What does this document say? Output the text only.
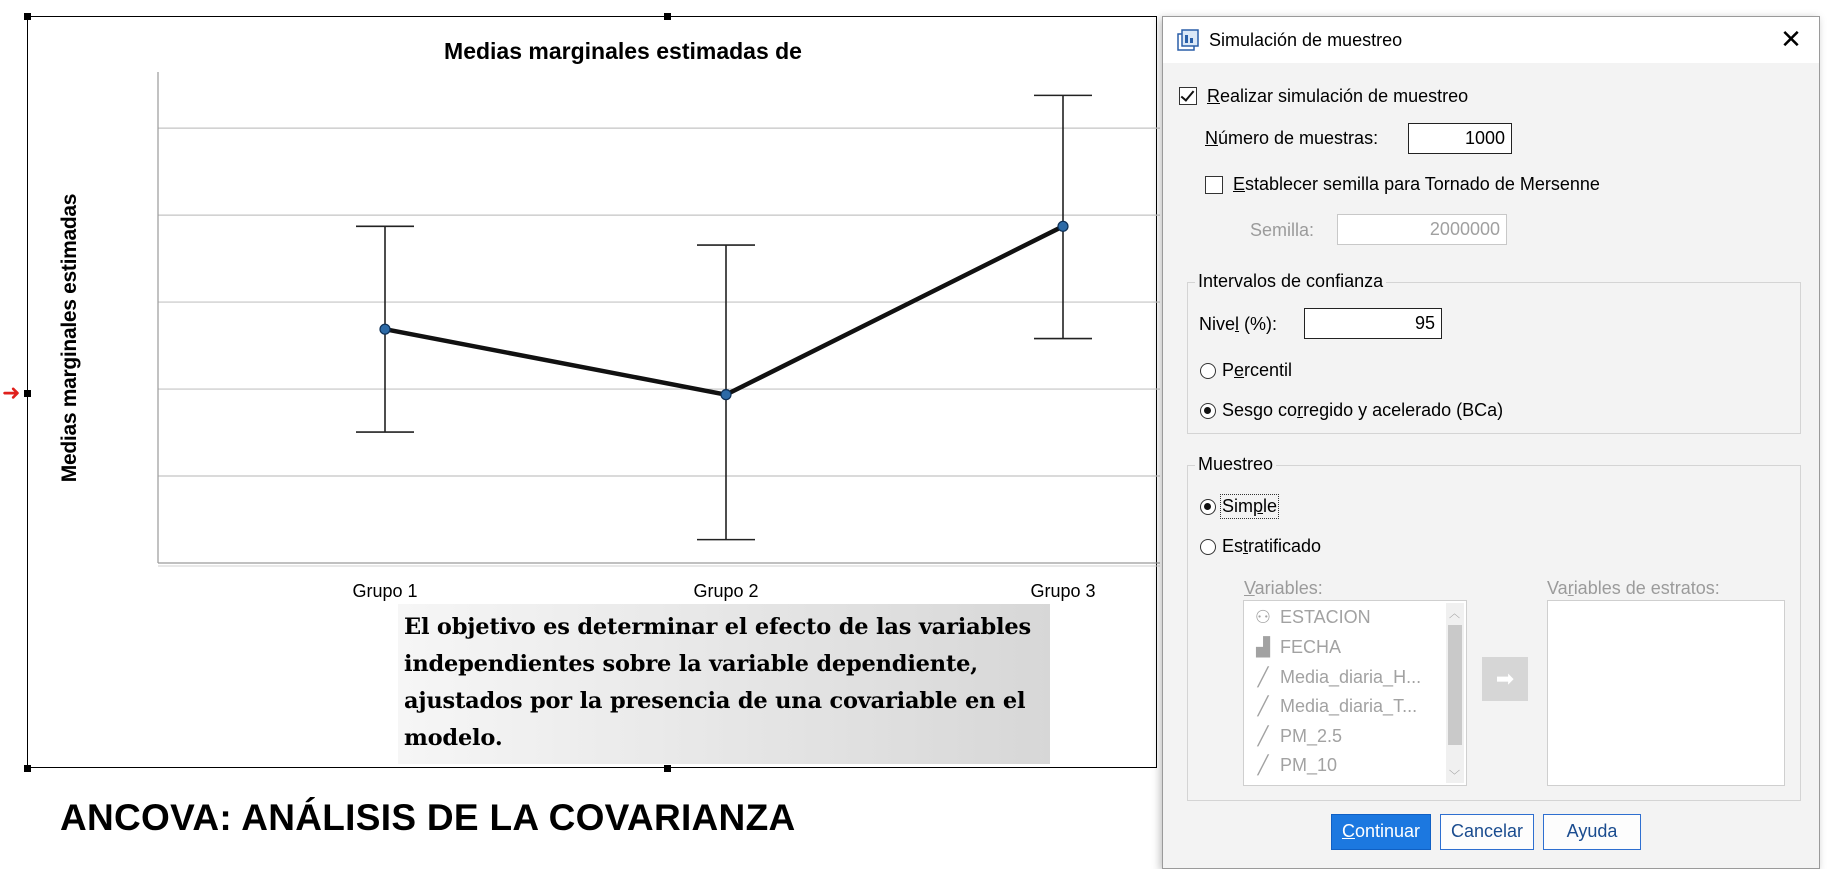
➜
Grupo 1	Grupo 2	Grupo 3
Medias marginales estimadas de
Medias marginales estimadas
El objetivo es determinar el efecto de las variables independientes sobre la variable dependiente, ajustados por la presencia de una covariable en el modelo.
ANCOVA: ANÁLISIS DE LA COVARIANZA
Simulación de muestreo	✕
Realizar simulación de muestreo
Número de muestras:	1000
Establecer semilla para Tornado de Mersenne
Semilla:	2000000
Intervalos de confianza
Nivel (%):	95
Percentil
Sesgo corregido y acelerado (BCa)
Muestreo
Simple
Estratificado
Variables:	Variables de estratos:
⚇ ESTACION
▟ FECHA
╱ Media_diaria_H...
╱ Media_diaria_T...
╱ PM_2.5
╱ PM_10
︿
﹀
➡
Continuar	Cancelar	Ayuda
